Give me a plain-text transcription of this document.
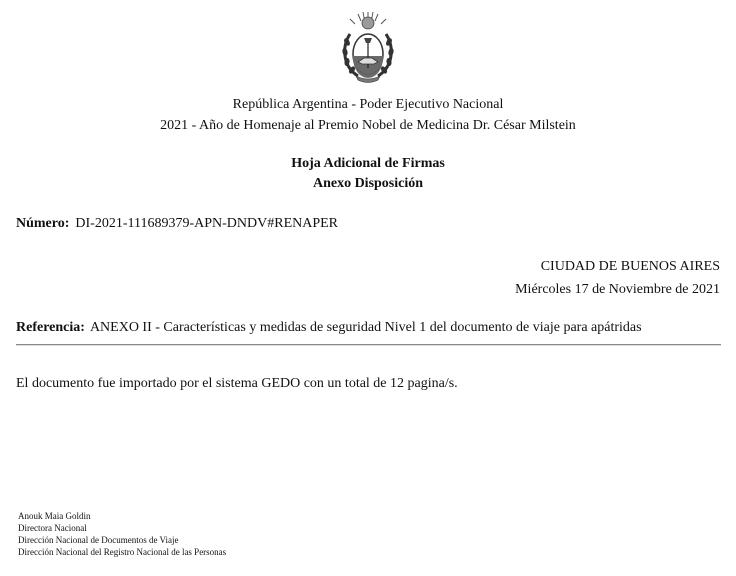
República Argentina - Poder Ejecutivo Nacional
2021 - Año de Homenaje al Premio Nobel de Medicina Dr. César Milstein
Hoja Adicional de Firmas
Anexo Disposición
Número: DI-2021-111689379-APN-DNDV#RENAPER
CIUDAD DE BUENOS AIRES
Miércoles 17 de Noviembre de 2021
Referencia: ANEXO II - Características y medidas de seguridad Nivel 1 del documento de viaje para apátridas
El documento fue importado por el sistema GEDO con un total de 12 pagina/s.
Anouk Maia Goldin
Directora Nacional
Dirección Nacional de Documentos de Viaje
Dirección Nacional del Registro Nacional de las Personas
